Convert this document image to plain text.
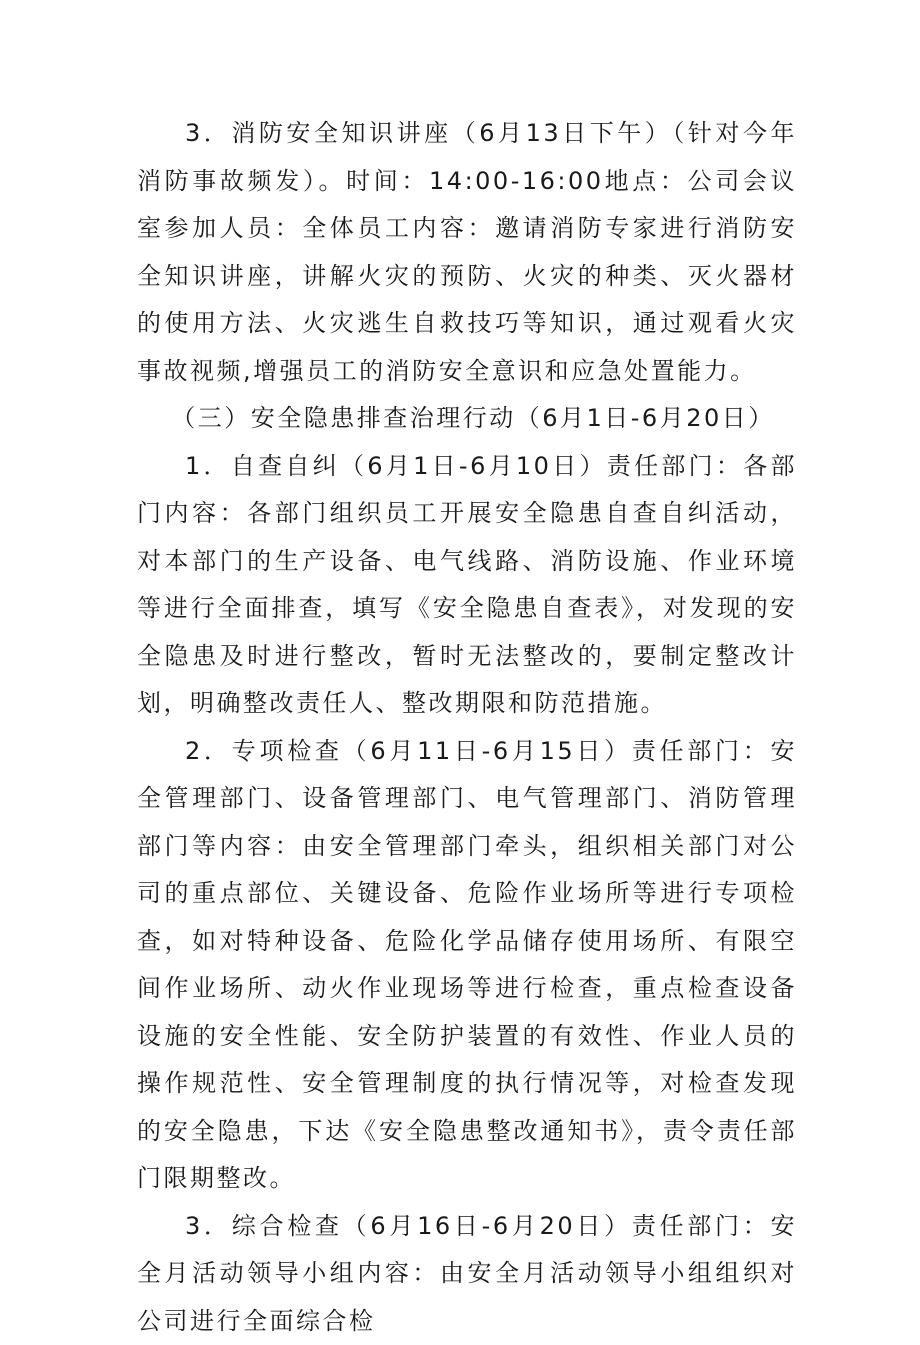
3．消防安全知识讲座（6月13日下午）（针对今年消防事故频发）。时间：14:00-16:00地点：公司会议室参加人员：全体员工内容：邀请消防专家进行消防安全知识讲座，讲解火灾的预防、火灾的种类、灭火器材的使用方法、火灾逃生自救技巧等知识，通过观看火灾事故视频,增强员工的消防安全意识和应急处置能力。

（三）安全隐患排查治理行动（6月1日-6月20日）

1．自查自纠（6月1日-6月10日）责任部门：各部门内容：各部门组织员工开展安全隐患自查自纠活动，对本部门的生产设备、电气线路、消防设施、作业环境等进行全面排查，填写《安全隐患自查表》，对发现的安全隐患及时进行整改，暂时无法整改的，要制定整改计划，明确整改责任人、整改期限和防范措施。

2．专项检查（6月11日-6月15日）责任部门：安全管理部门、设备管理部门、电气管理部门、消防管理部门等内容：由安全管理部门牵头，组织相关部门对公司的重点部位、关键设备、危险作业场所等进行专项检查，如对特种设备、危险化学品储存使用场所、有限空间作业场所、动火作业现场等进行检查，重点检查设备设施的安全性能、安全防护装置的有效性、作业人员的操作规范性、安全管理制度的执行情况等，对检查发现的安全隐患，下达《安全隐患整改通知书》，责令责任部门限期整改。

3．综合检查（6月16日-6月20日）责任部门：安全月活动领导小组内容：由安全月活动领导小组组织对公司进行全面综合检
